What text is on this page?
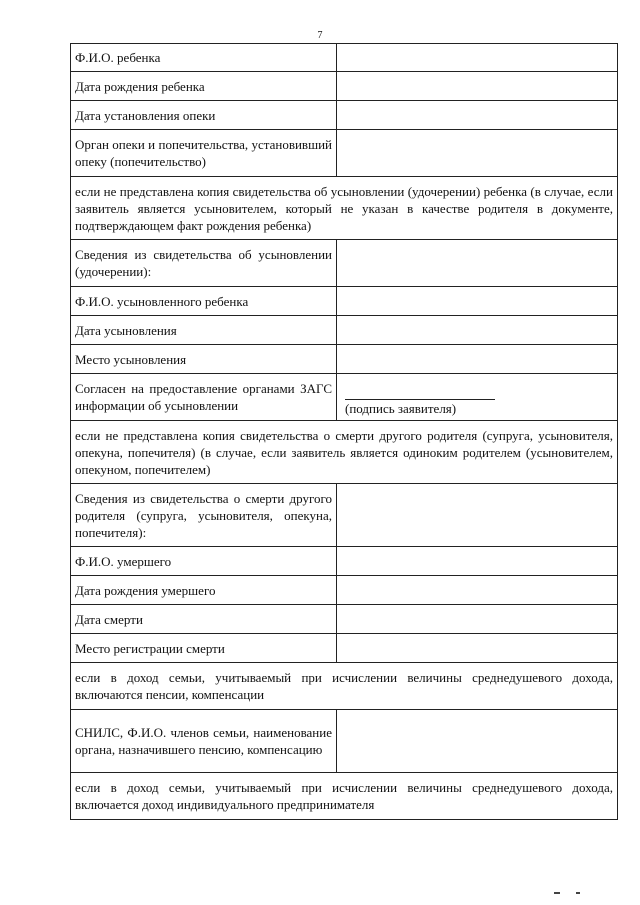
7
Ф.И.О. ребенка	
Дата рождения ребенка	
Дата установления опеки	
Орган опеки и попечительства, установивший опеку (попечительство)	
если не представлена копия свидетельства об усыновлении (удочерении) ребенка (в случае, если заявитель является усыновителем, который не указан в качестве родителя в документе, подтверждающем факт рождения ребенка)	
Сведения из свидетельства об усыновлении (удочерении):	
Ф.И.О. усыновленного ребенка	
Дата усыновления	
Место усыновления	
Согласен на предоставление органами ЗАГС информации об усыновлении	(подпись заявителя)

если не представлена копия свидетельства о смерти другого родителя (супруга, усыновителя, опекуна, попечителя) (в случае, если заявитель является одиноким родителем (усыновителем, опекуном, попечителем)	
Сведения из свидетельства о смерти другого родителя (супруга, усыновителя, опекуна, попечителя):	
Ф.И.О. умершего	
Дата рождения умершего	
Дата смерти	
Место регистрации смерти	
если в доход семьи, учитываемый при исчислении величины среднедушевого дохода, включаются пенсии, компенсации	
СНИЛС, Ф.И.О. членов семьи, наименование органа, назначившего пенсию, компенсацию	
если в доход семьи, учитываемый при исчислении величины среднедушевого дохода, включается доход индивидуального предпринимателя	
